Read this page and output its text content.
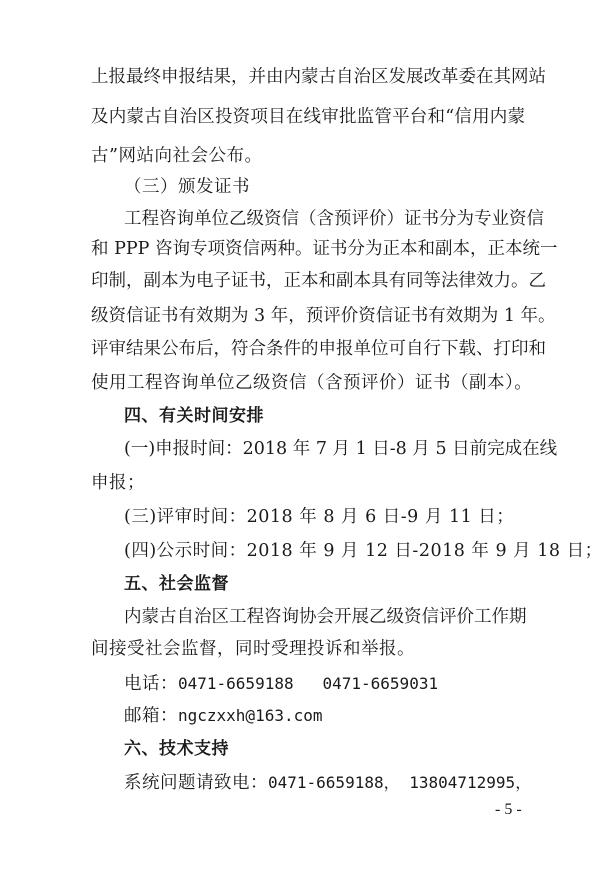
上报最终申报结果，并由内蒙古自治区发展改革委在其网站
及内蒙古自治区投资项目在线审批监管平台和“信用内蒙
古”网站向社会公布。
（三）颁发证书
工程咨询单位乙级资信（含预评价）证书分为专业资信
和 PPP 咨询专项资信两种。证书分为正本和副本，正本统一
印制，副本为电子证书，正本和副本具有同等法律效力。乙
级资信证书有效期为 3 年，预评价资信证书有效期为 1 年。
评审结果公布后，符合条件的申报单位可自行下载、打印和
使用工程咨询单位乙级资信（含预评价）证书（副本）。
四、有关时间安排
(一)申报时间：2018 年 7 月 1 日-8 月 5 日前完成在线
申报；
(三)评审时间：2018 年 8 月 6 日-9 月 11 日；
(四)公示时间：2018 年 9 月 12 日-2018 年 9 月 18 日；
五、社会监督
内蒙古自治区工程咨询协会开展乙级资信评价工作期
间接受社会监督，同时受理投诉和举报。
电话：0471-6659188   0471-6659031
邮箱：ngczxxh@163.com
六、技术支持
系统问题请致电：0471-6659188， 13804712995，
- 5 -
